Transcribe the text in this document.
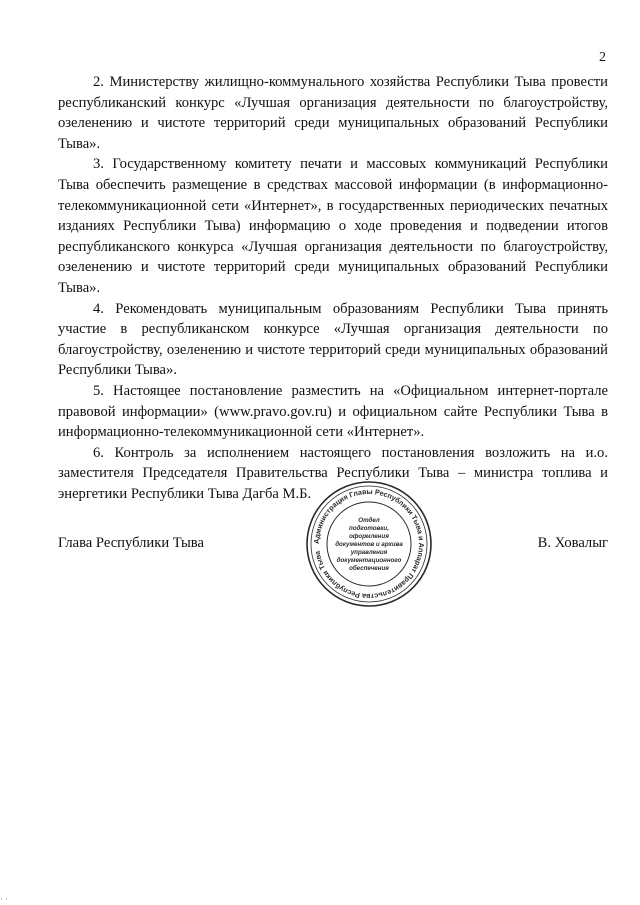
2

2. Министерству жилищно-коммунального хозяйства Республики Тыва провести республиканский конкурс «Лучшая организация деятельности по благоустройству, озеленению и чистоте территорий среди муниципальных образований Республики Тыва».

3. Государственному комитету печати и массовых коммуникаций Республики Тыва обеспечить размещение в средствах массовой информации (в информационно-телекоммуникационной сети «Интернет», в государственных периодических печатных изданиях Республики Тыва) информацию о ходе проведения и подведении итогов республиканского конкурса «Лучшая организация деятельности по благоустройству, озеленению и чистоте территорий среди муниципальных образований Республики Тыва».

4. Рекомендовать муниципальным образованиям Республики Тыва принять участие в республиканском конкурсе «Лучшая организация деятельности по благоустройству, озеленению и чистоте территорий среди муниципальных образований Республики Тыва».

5. Настоящее постановление разместить на «Официальном интернет-портале правовой информации» (www.pravo.gov.ru) и официальном сайте Республики Тыва в информационно-телекоммуникационной сети «Интернет».

6. Контроль за исполнением настоящего постановления возложить на и.о. заместителя Председателя Правительства Республики Тыва – министра топлива и энергетики Республики Тыва Дагба М.Б.

Глава Республики Тыва	В. Ховалыг
Администрация Главы Республики Тыва и Аппарат Правительства Республики Тыва
Отдел
подготовки,
оформления
документов и архива
управления
документационного
обеспечения
· ·
